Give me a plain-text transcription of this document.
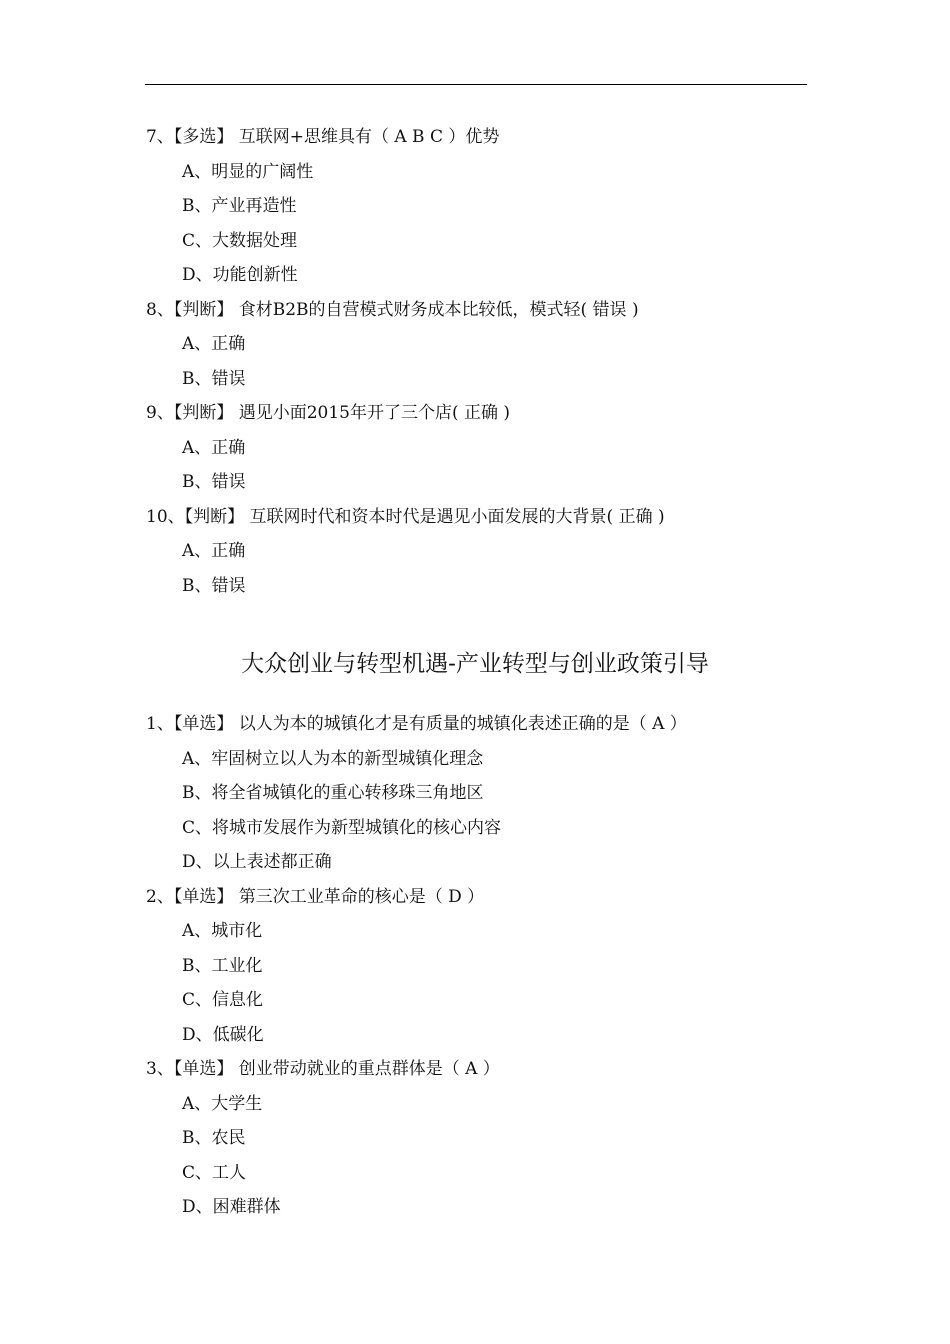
7、【多选】 互联网+思维具有（ A B C ）优势
A、明显的广阔性
B、产业再造性
C、大数据处理
D、功能创新性
8、【判断】 食材B2B的自营模式财务成本比较低，模式轻( 错误 )
A、正确
B、错误
9、【判断】 遇见小面2015年开了三个店( 正确 )
A、正确
B、错误
10、【判断】 互联网时代和资本时代是遇见小面发展的大背景( 正确 )
A、正确
B、错误
大众创业与转型机遇-产业转型与创业政策引导
1、【单选】 以人为本的城镇化才是有质量的城镇化表述正确的是（ A ）
A、牢固树立以人为本的新型城镇化理念
B、将全省城镇化的重心转移珠三角地区
C、将城市发展作为新型城镇化的核心内容
D、以上表述都正确
2、【单选】 第三次工业革命的核心是（ D ）
A、城市化
B、工业化
C、信息化
D、低碳化
3、【单选】 创业带动就业的重点群体是（ A ）
A、大学生
B、农民
C、工人
D、困难群体
